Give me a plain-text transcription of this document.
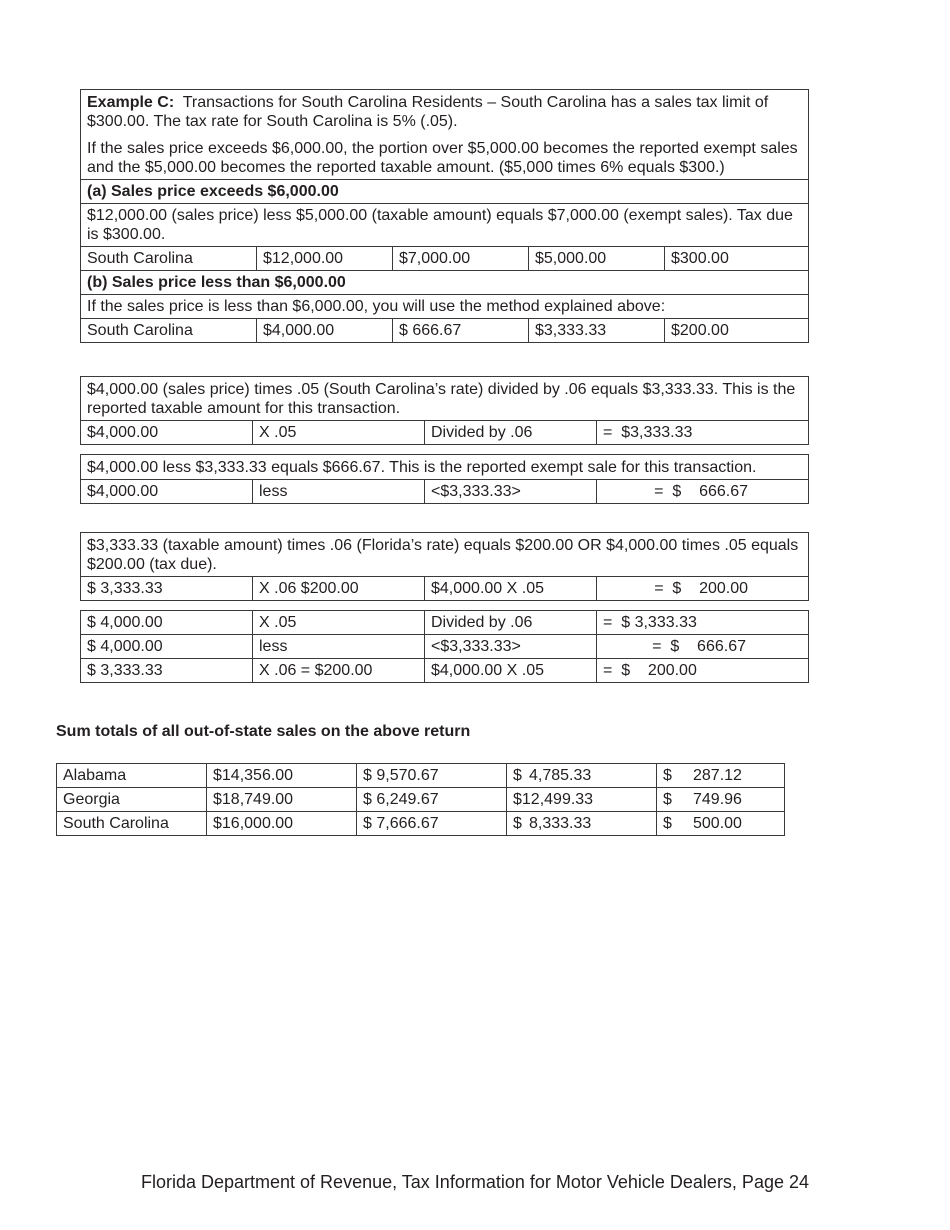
Example C: Transactions for South Carolina Residents – South Carolina has a sales tax limit of $300.00. The tax rate for South Carolina is 5% (.05).
If the sales price exceeds $6,000.00, the portion over $5,000.00 becomes the reported exempt sales and the $5,000.00 becomes the reported taxable amount. ($5,000 times 6% equals $300.)				

(a) Sales price exceeds $6,000.00				
$12,000.00 (sales price) less $5,000.00 (taxable amount) equals $7,000.00 (exempt sales). Tax due is $300.00.				
South Carolina	$12,000.00	$7,000.00	$5,000.00	$300.00
(b) Sales price less than $6,000.00				
If the sales price is less than $6,000.00, you will use the method explained above:				
South Carolina	$4,000.00	$ 666.67	$3,333.33	$200.00
$4,000.00 (sales price) times .05 (South Carolina’s rate) divided by .06 equals $3,333.33. This is the reported taxable amount for this transaction.
$4,000.00	X .05	Divided by .06	=  $3,333.33
$4,000.00 less $3,333.33 equals $666.67. This is the reported exempt sale for this transaction.
$4,000.00	less	<$3,333.33>	=  $    666.67
$3,333.33 (taxable amount) times .06 (Florida’s rate) equals $200.00 OR $4,000.00 times .05 equals $200.00 (tax due).
$ 3,333.33	X .06 $200.00	$4,000.00 X .05	=  $    200.00
$ 4,000.00	X .05	Divided by .06	=  $ 3,333.33
$ 4,000.00	less	<$3,333.33>	=  $    666.67
$ 3,333.33	X .06 = $200.00	$4,000.00 X .05	=  $    200.00
Sum totals of all out-of-state sales on the above return
Alabama	$14,356.00	$ 9,570.67	$ 4,785.33	$ 287.12
Georgia	$18,749.00	$ 6,249.67	$12,499.33	$ 749.96
South Carolina	$16,000.00	$ 7,666.67	$ 8,333.33	$ 500.00
Florida Department of Revenue, Tax Information for Motor Vehicle Dealers, Page 24
